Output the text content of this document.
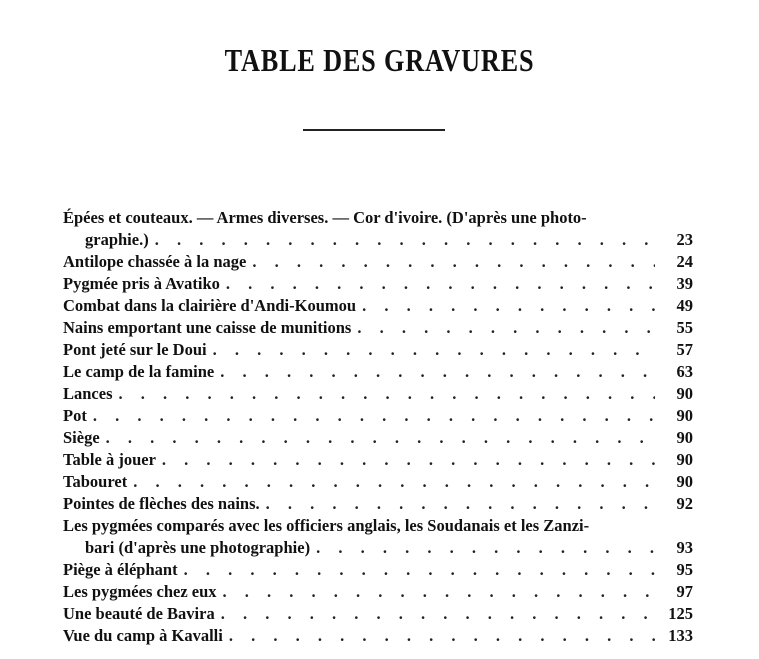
TABLE DES GRAVURES
Épées et couteaux. — Armes diverses. — Cor d'ivoire. (D'après une photo-
graphie.) . . .	23
Antilope chassée à la nage . . .	24
Pygmée pris à Avatiko . . .	39
Combat dans la clairière d'Andi-Koumou . . .	49
Nains emportant une caisse de munitions . . .	55
Pont jeté sur le Doui . . .	57
Le camp de la famine . . .	63
Lances . . .	90
Pot . . .	90
Siège . . .	90
Table à jouer . . .	90
Tabouret . . .	90
Pointes de flèches des nains. . . .	92
Les pygmées comparés avec les officiers anglais, les Soudanais et les Zanzi-
bari (d'après une photographie) . . .	93
Piège à éléphant . . .	95
Les pygmées chez eux . . .	97
Une beauté de Bavira . . .	125
Vue du camp à Kavalli . . .	133
